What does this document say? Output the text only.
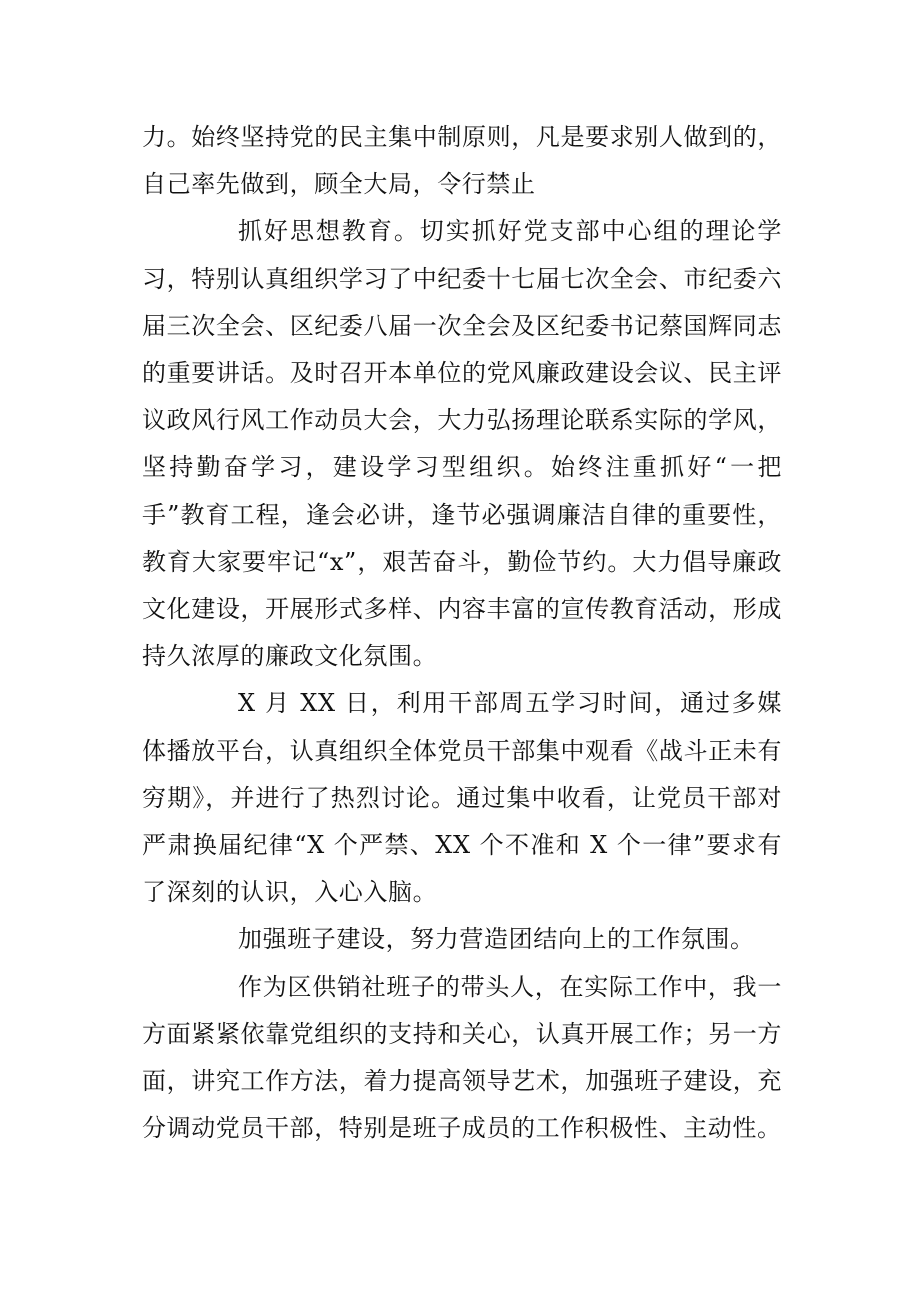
力。始终坚持党的民主集中制原则，凡是要求别人做到的，自己率先做到，顾全大局，令行禁止

抓好思想教育。切实抓好党支部中心组的理论学习，特别认真组织学习了中纪委十七届七次全会、市纪委六届三次全会、区纪委八届一次全会及区纪委书记蔡国辉同志的重要讲话。及时召开本单位的党风廉政建设会议、民主评议政风行风工作动员大会，大力弘扬理论联系实际的学风，坚持勤奋学习，建设学习型组织。始终注重抓好“一把手”教育工程，逢会必讲，逢节必强调廉洁自律的重要性，教育大家要牢记“x”，艰苦奋斗，勤俭节约。大力倡导廉政文化建设，开展形式多样、内容丰富的宣传教育活动，形成持久浓厚的廉政文化氛围。

X 月 XX 日，利用干部周五学习时间，通过多媒体播放平台，认真组织全体党员干部集中观看《战斗正未有穷期》，并进行了热烈讨论。通过集中收看，让党员干部对严肃换届纪律“X 个严禁、XX 个不准和 X 个一律”要求有了深刻的认识，入心入脑。

加强班子建设，努力营造团结向上的工作氛围。

作为区供销社班子的带头人，在实际工作中，我一方面紧紧依靠党组织的支持和关心，认真开展工作；另一方面，讲究工作方法，着力提高领导艺术，加强班子建设，充分调动党员干部，特别是班子成员的工作积极性、主动性。
